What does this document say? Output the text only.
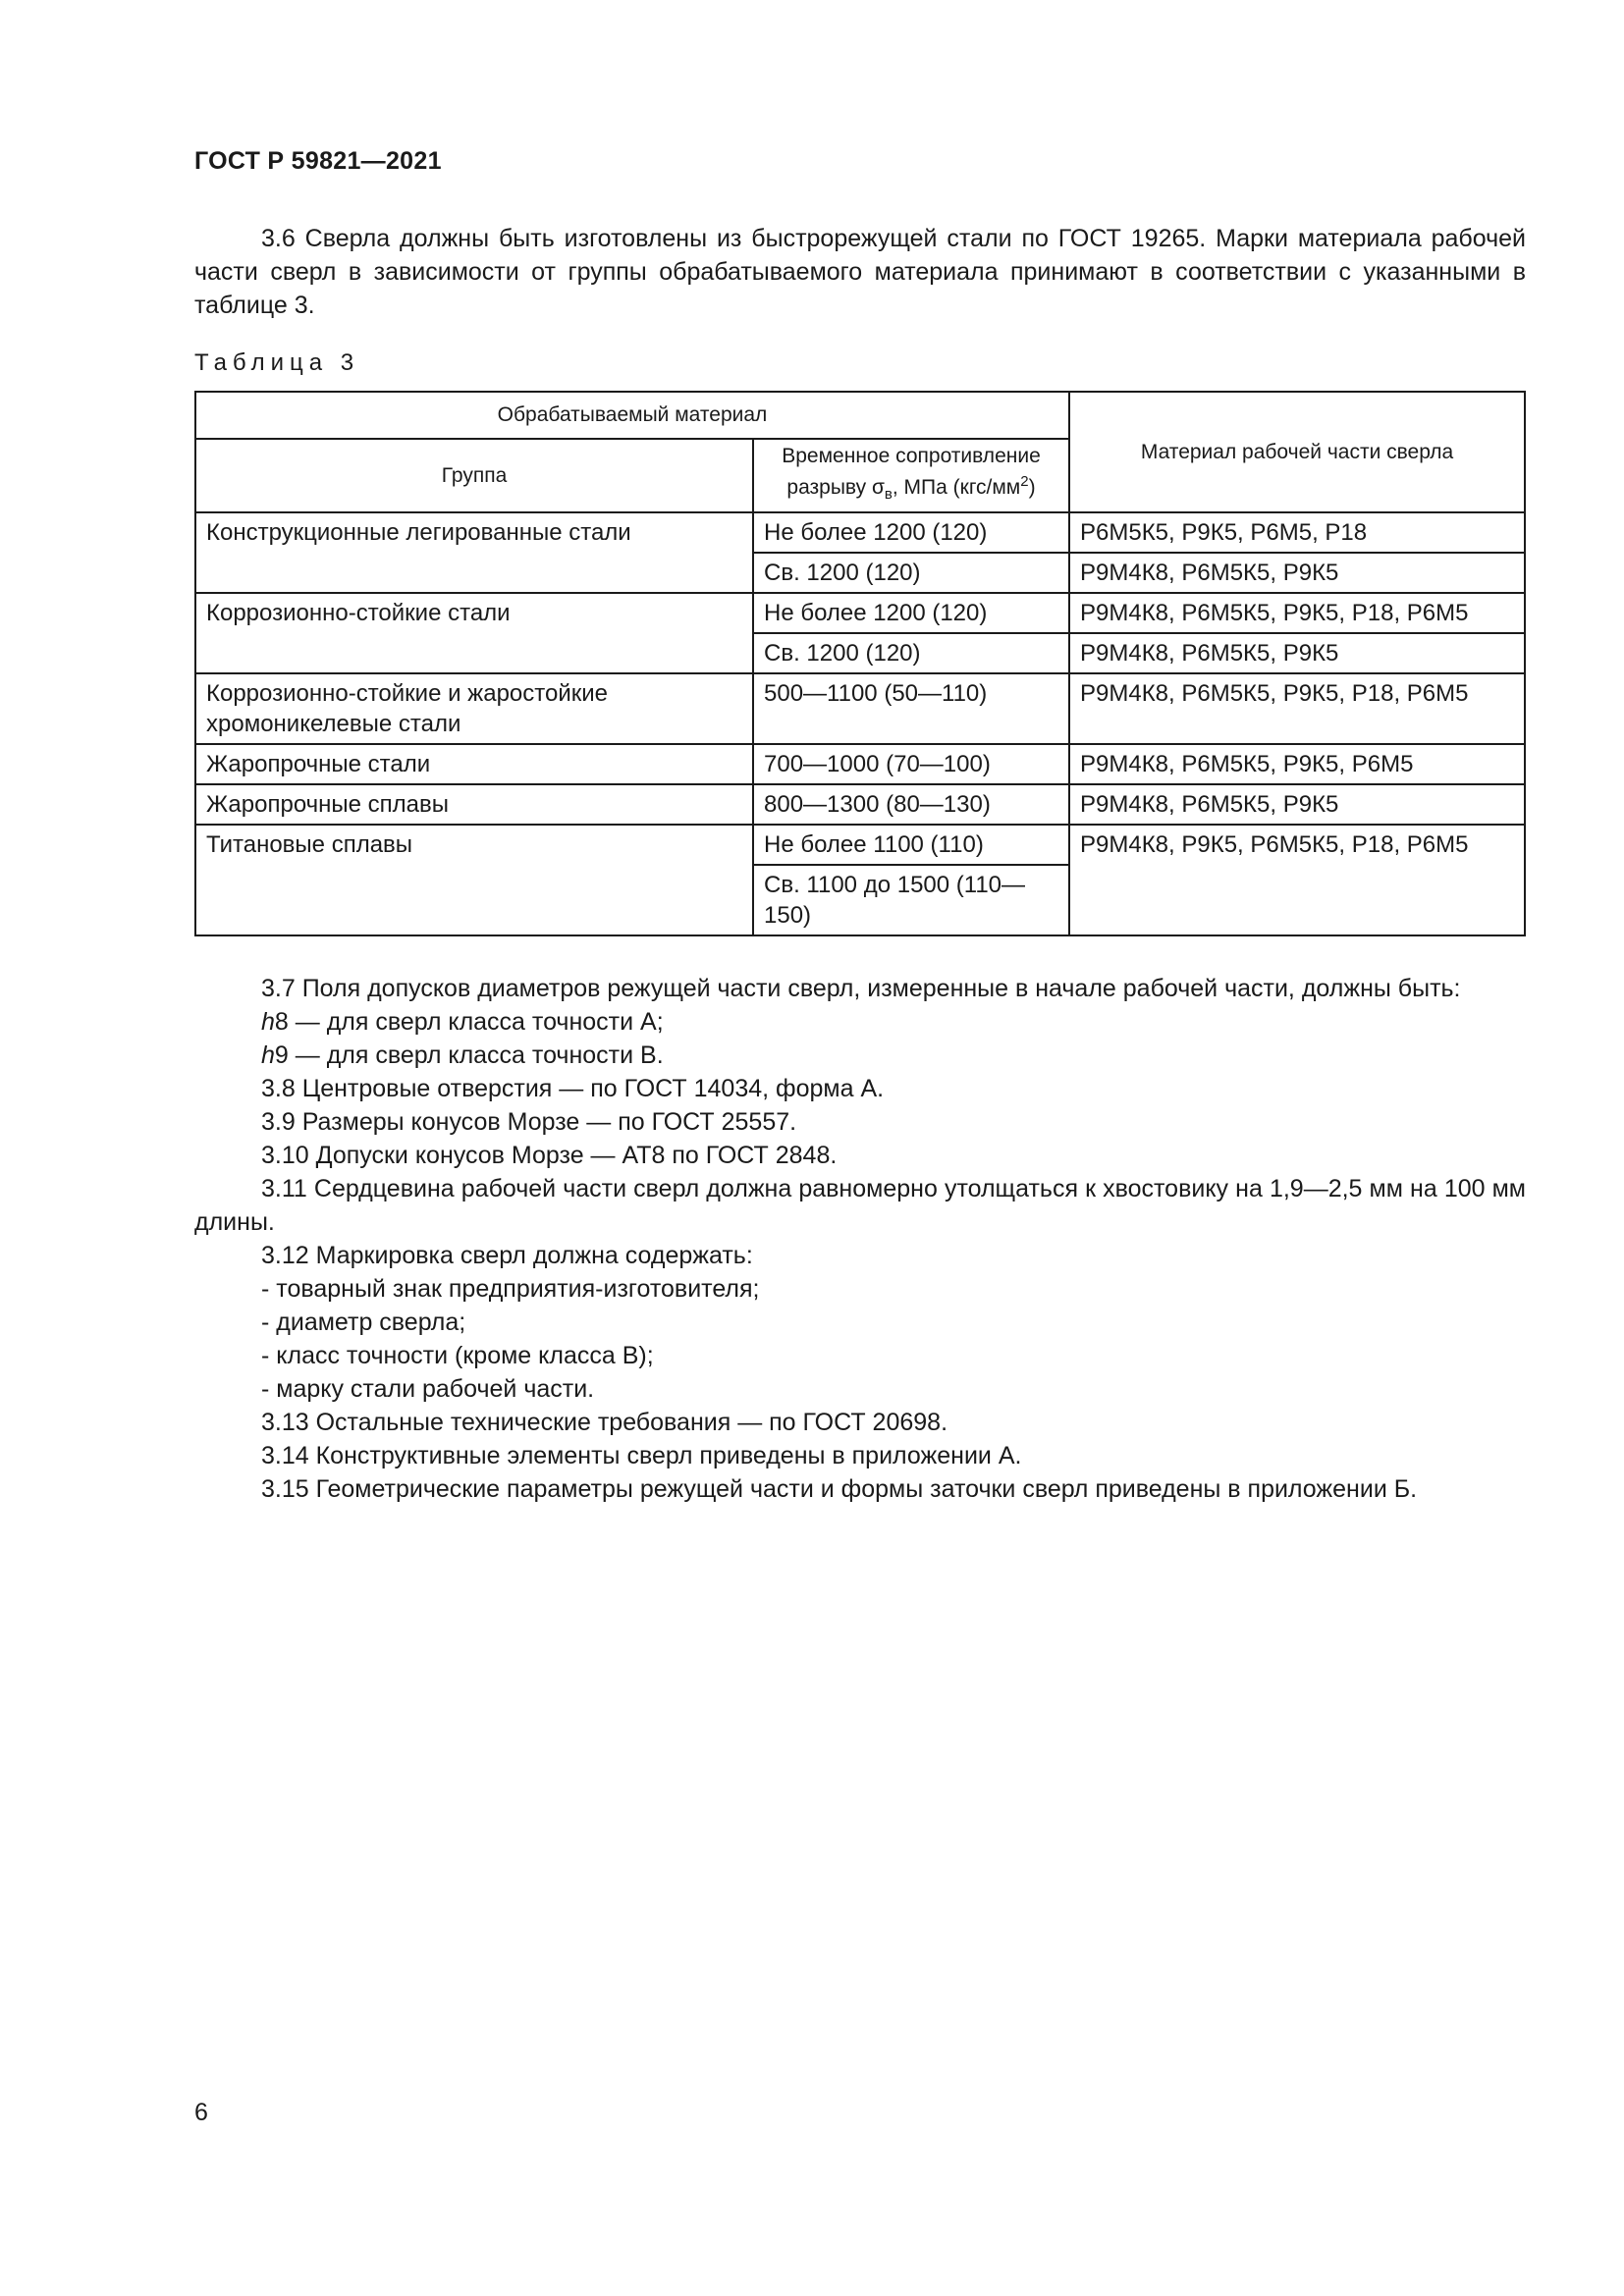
ГОСТ Р 59821—2021

3.6 Сверла должны быть изготовлены из быстрорежущей стали по ГОСТ 19265. Марки материала рабочей части сверл в зависимости от группы обрабатываемого материала принимают в соответствии с указанными в таблице 3.

Таблица 3
Обрабатываемый материал		Материал рабочей части сверла
Группа	Временное сопротивление разрыву $\sigma_в$, МПа $(кгс/мм^2)$	
Конструкционные легированные стали	Не более 1200 (120)	Р6М5К5, Р9К5, Р6М5, Р18
	Св. 1200 (120)	Р9М4К8, Р6М5К5, Р9К5
Коррозионно-стойкие стали	Не более 1200 (120)	Р9М4К8, Р6М5К5, Р9К5, Р18, Р6М5
	Св. 1200 (120)	Р9М4К8, Р6М5К5, Р9К5
Коррозионно-стойкие и жаростойкие хромоникелевые стали	500—1100 (50—110)	Р9М4К8, Р6М5К5, Р9К5, Р18, Р6М5
Жаропрочные стали	700—1000 (70—100)	Р9М4К8, Р6М5К5, Р9К5, Р6М5
Жаропрочные сплавы	800—1300 (80—130)	Р9М4К8, Р6М5К5, Р9К5
Титановые сплавы	Не более 1100 (110)	Р9М4К8, Р9К5, Р6М5К5, Р18, Р6М5
	Св. 1100 до 1500 (110—150)	

3.7 Поля допусков диаметров режущей части сверл, измеренные в начале рабочей части, должны быть:

h8 — для сверл класса точности А;

h9 — для сверл класса точности В.

3.8 Центровые отверстия — по ГОСТ 14034, форма А.

3.9 Размеры конусов Морзе — по ГОСТ 25557.

3.10 Допуски конусов Морзе — АТ8 по ГОСТ 2848.

3.11 Сердцевина рабочей части сверл должна равномерно утолщаться к хвостовику на 1,9—2,5 мм на 100 мм длины.

3.12 Маркировка сверл должна содержать:

- товарный знак предприятия-изготовителя;

- диаметр сверла;

- класс точности (кроме класса В);

- марку стали рабочей части.

3.13 Остальные технические требования — по ГОСТ 20698.

3.14 Конструктивные элементы сверл приведены в приложении А.

3.15 Геометрические параметры режущей части и формы заточки сверл приведены в приложении Б.

6
